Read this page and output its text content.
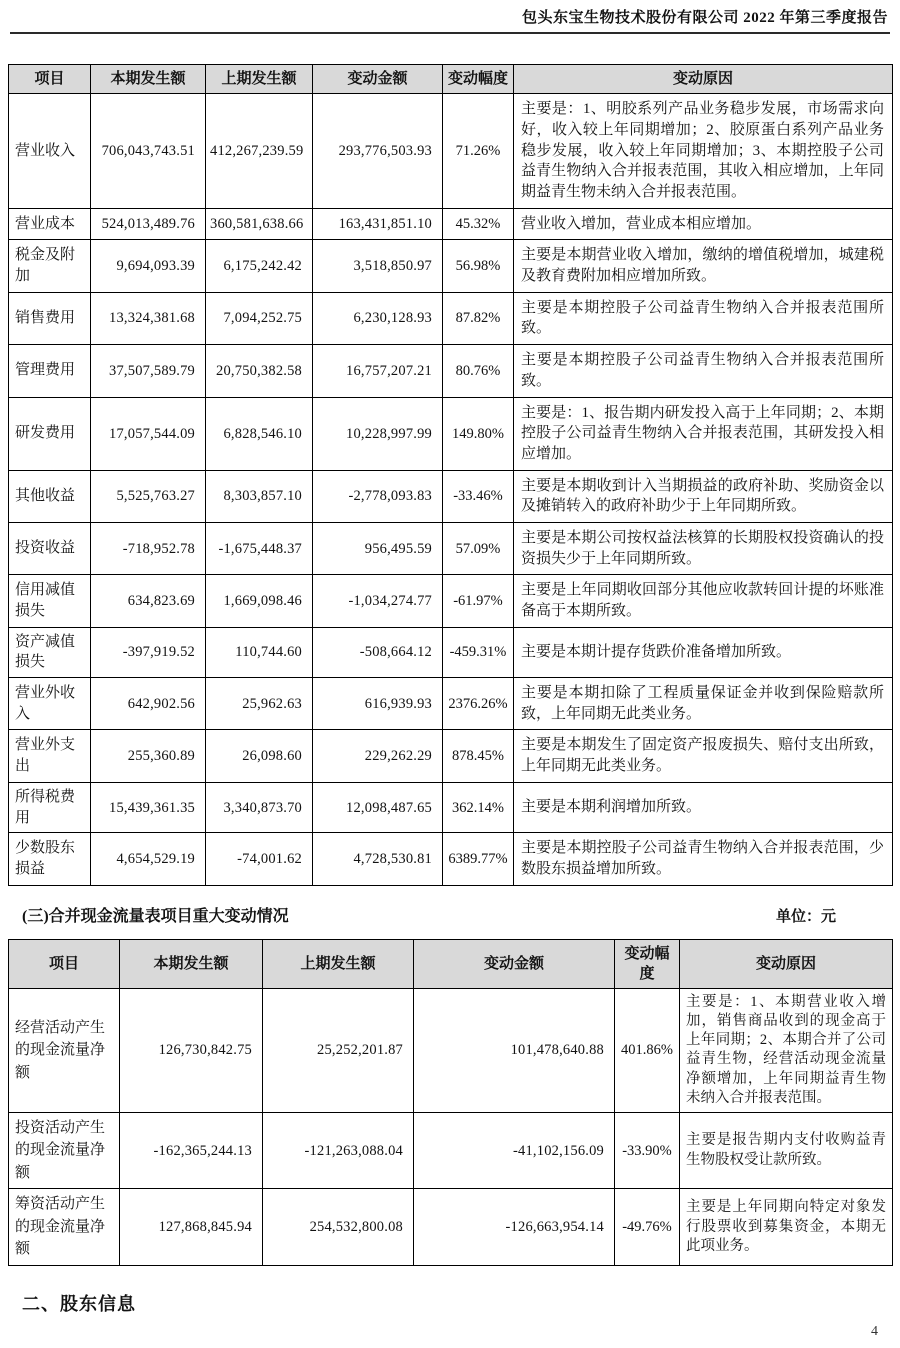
包头东宝生物技术股份有限公司 2022 年第三季度报告
项目	本期发生额	上期发生额	变动金额	变动幅度	变动原因
营业收入	706,043,743.51	412,267,239.59	293,776,503.93	71.26%	主要是：1、明胶系列产品业务稳步发展，市场需求向好，收入较上年同期增加；2、胶原蛋白系列产品业务稳步发展，收入较上年同期增加；3、本期控股子公司益青生物纳入合并报表范围，其收入相应增加，上年同期益青生物未纳入合并报表范围。
营业成本	524,013,489.76	360,581,638.66	163,431,851.10	45.32%	营业收入增加，营业成本相应增加。
税金及附加	9,694,093.39	6,175,242.42	3,518,850.97	56.98%	主要是本期营业收入增加，缴纳的增值税增加，城建税及教育费附加相应增加所致。
销售费用	13,324,381.68	7,094,252.75	6,230,128.93	87.82%	主要是本期控股子公司益青生物纳入合并报表范围所致。
管理费用	37,507,589.79	20,750,382.58	16,757,207.21	80.76%	主要是本期控股子公司益青生物纳入合并报表范围所致。
研发费用	17,057,544.09	6,828,546.10	10,228,997.99	149.80%	主要是：1、报告期内研发投入高于上年同期；2、本期控股子公司益青生物纳入合并报表范围，其研发投入相应增加。
其他收益	5,525,763.27	8,303,857.10	-2,778,093.83	-33.46%	主要是本期收到计入当期损益的政府补助、奖励资金以及摊销转入的政府补助少于上年同期所致。
投资收益	-718,952.78	-1,675,448.37	956,495.59	57.09%	主要是本期公司按权益法核算的长期股权投资确认的投资损失少于上年同期所致。
信用减值损失	634,823.69	1,669,098.46	-1,034,274.77	-61.97%	主要是上年同期收回部分其他应收款转回计提的坏账准备高于本期所致。
资产减值损失	-397,919.52	110,744.60	-508,664.12	-459.31%	主要是本期计提存货跌价准备增加所致。
营业外收入	642,902.56	25,962.63	616,939.93	2376.26%	主要是本期扣除了工程质量保证金并收到保险赔款所致，上年同期无此类业务。
营业外支出	255,360.89	26,098.60	229,262.29	878.45%	主要是本期发生了固定资产报废损失、赔付支出所致，上年同期无此类业务。
所得税费用	15,439,361.35	3,340,873.70	12,098,487.65	362.14%	主要是本期利润增加所致。
少数股东损益	4,654,529.19	-74,001.62	4,728,530.81	6389.77%	主要是本期控股子公司益青生物纳入合并报表范围，少数股东损益增加所致。
(三)合并现金流量表项目重大变动情况	单位：元
项目	本期发生额	上期发生额	变动金额	变动幅度	变动原因
经营活动产生的现金流量净额	126,730,842.75	25,252,201.87	101,478,640.88	401.86%	主要是：1、本期营业收入增加，销售商品收到的现金高于上年同期；2、本期合并了公司益青生物，经营活动现金流量净额增加，上年同期益青生物未纳入合并报表范围。
投资活动产生的现金流量净额	-162,365,244.13	-121,263,088.04	-41,102,156.09	-33.90%	主要是报告期内支付收购益青生物股权受让款所致。
筹资活动产生的现金流量净额	127,868,845.94	254,532,800.08	-126,663,954.14	-49.76%	主要是上年同期向特定对象发行股票收到募集资金，本期无此项业务。
二、股东信息
4
